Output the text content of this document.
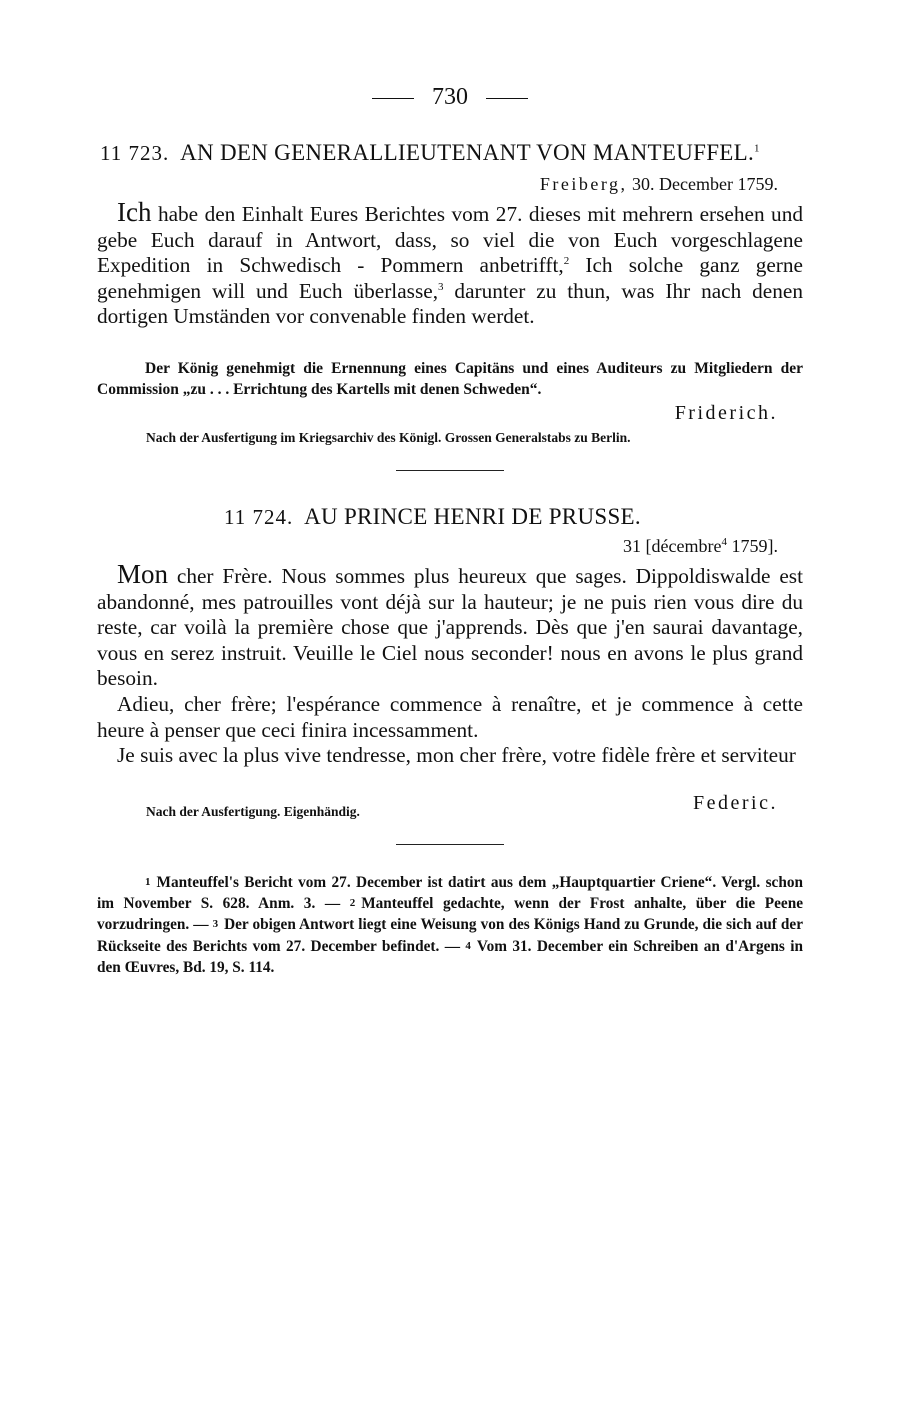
730
11 723. AN DEN GENERALLIEUTENANT VON MANTEUFFEL.$^1$
Freiberg, 30. December 1759.

Ich habe den Einhalt Eures Berichtes vom 27. dieses mit mehrern ersehen und gebe Euch darauf in Antwort, dass, so viel die von Euch vorgeschlagene Expedition in Schwedisch - Pommern anbetrifft,$^2$ Ich solche ganz gerne genehmigen will und Euch überlasse,$^3$ darunter zu thun, was Ihr nach denen dortigen Umständen vor convenable finden werdet.

Der König genehmigt die Ernennung eines Capitäns und eines Auditeurs zu Mitgliedern der Commission „zu . . . Errichtung des Kartells mit denen Schweden“.
Friderich.
Nach der Ausfertigung im Kriegsarchiv des Königl. Grossen Generalstabs zu Berlin.
11 724. AU PRINCE HENRI DE PRUSSE.
31 [décembre$^4$ 1759].

Mon cher Frère. Nous sommes plus heureux que sages. Dippoldiswalde est abandonné, mes patrouilles vont déjà sur la hauteur; je ne puis rien vous dire du reste, car voilà la première chose que j'apprends. Dès que j'en saurai davantage, vous en serez instruit. Veuille le Ciel nous seconder! nous en avons le plus grand besoin.

Adieu, cher frère; l'espérance commence à renaître, et je commence à cette heure à penser que ceci finira incessamment.

Je suis avec la plus vive tendresse, mon cher frère, votre fidèle frère et serviteur

Nach der Ausfertigung. Eigenhändig.	Federic.

1 Manteuffel's Bericht vom 27. December ist datirt aus dem „Hauptquartier Criene“. Vergl. schon im November S. 628. Anm. 3. — 2 Manteuffel gedachte, wenn der Frost anhalte, über die Peene vorzudringen. — 3 Der obigen Antwort liegt eine Weisung von des Königs Hand zu Grunde, die sich auf der Rückseite des Berichts vom 27. December befindet. — 4 Vom 31. December ein Schreiben an d'Argens in den Œuvres, Bd. 19, S. 114.
